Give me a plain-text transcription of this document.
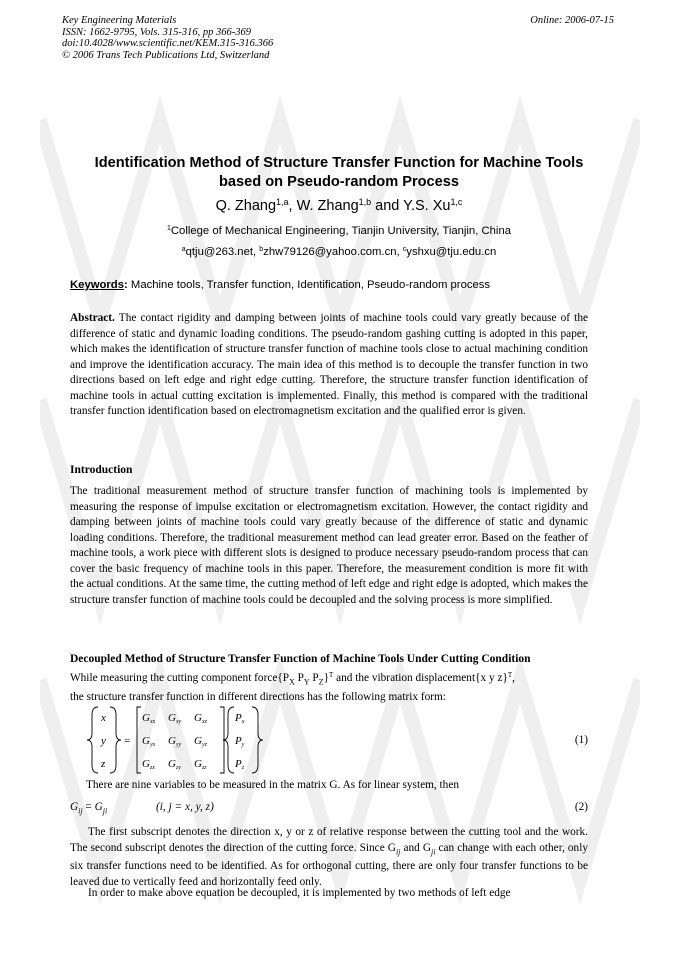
Key Engineering Materials
ISSN: 1662-9795, Vols. 315-316, pp 366-369
doi:10.4028/www.scientific.net/KEM.315-316.366
© 2006 Trans Tech Publications Ltd, Switzerland
Online: 2006-07-15
Identification Method of Structure Transfer Function for Machine Tools
based on Pseudo-random Process
Q. Zhang$^{1,a}$, W. Zhang$^{1,b}$ and Y.S. Xu$^{1,c}$
$^1$College of Mechanical Engineering, Tianjin University, Tianjin, China
$^a$qtju@263.net, $^b$zhw79126@yahoo.com.cn, $^c$yshxu@tju.edu.cn
Keywords: Machine tools, Transfer function, Identification, Pseudo-random process
Abstract. The contact rigidity and damping between joints of machine tools could vary greatly because of the difference of static and dynamic loading conditions. The pseudo-random gashing cutting is adopted in this paper, which makes the identification of structure transfer function of machine tools close to actual machining condition and improve the identification accuracy. The main idea of this method is to decouple the transfer function in two directions based on left edge and right edge cutting. Therefore, the structure transfer function identification of machine tools in actual cutting excitation is implemented. Finally, this method is compared with the traditional transfer function identification based on electromagnetism excitation and the qualified error is given.
Introduction
The traditional measurement method of structure transfer function of machining tools is implemented by measuring the response of impulse excitation or electromagnetism excitation. However, the contact rigidity and damping between joints of machine tools could vary greatly because of the difference of static and dynamic loading conditions. Therefore, the traditional measurement method can lead greater error. Based on the feather of machine tools, a work piece with different slots is designed to produce necessary pseudo-random process that can cover the basic frequency of machine tools in this paper. Therefore, the measurement condition is more fit with the actual conditions. At the same time, the cutting method of left edge and right edge is adopted, which makes the structure transfer function of machine tools could be decoupled and the solving process is more simplified.
Decoupled Method of Structure Transfer Function of Machine Tools Under Cutting Condition
While measuring the cutting component $force\{P_X$ $P_Y$ $P_Z\}^T$ and the vibration displacement{x y z}$^T$,
the structure transfer function in different directions has the following matrix form:
x
y
z
=
Gxx Gxy Gxz
Gyx Gyy Gyz
Gzx Gzy Gzz
Px
Py
Pz
(1)
There are nine variables to be measured in the matrix G. As for linear system, then
$G_{ij} = G_{ji}$	(i, j = x, y, z)	(2)
The first subscript denotes the direction x, y or z of relative response between the cutting tool and the work. The second subscript denotes the direction of the cutting force. Since $G_{ij}$ and $G_{ji}$ can change with each other, only six transfer functions need to be identified. As for orthogonal cutting, there are only four transfer functions to be leaved due to vertically feed and horizontally feed only.
In order to make above equation be decoupled, it is implemented by two methods of left edge
